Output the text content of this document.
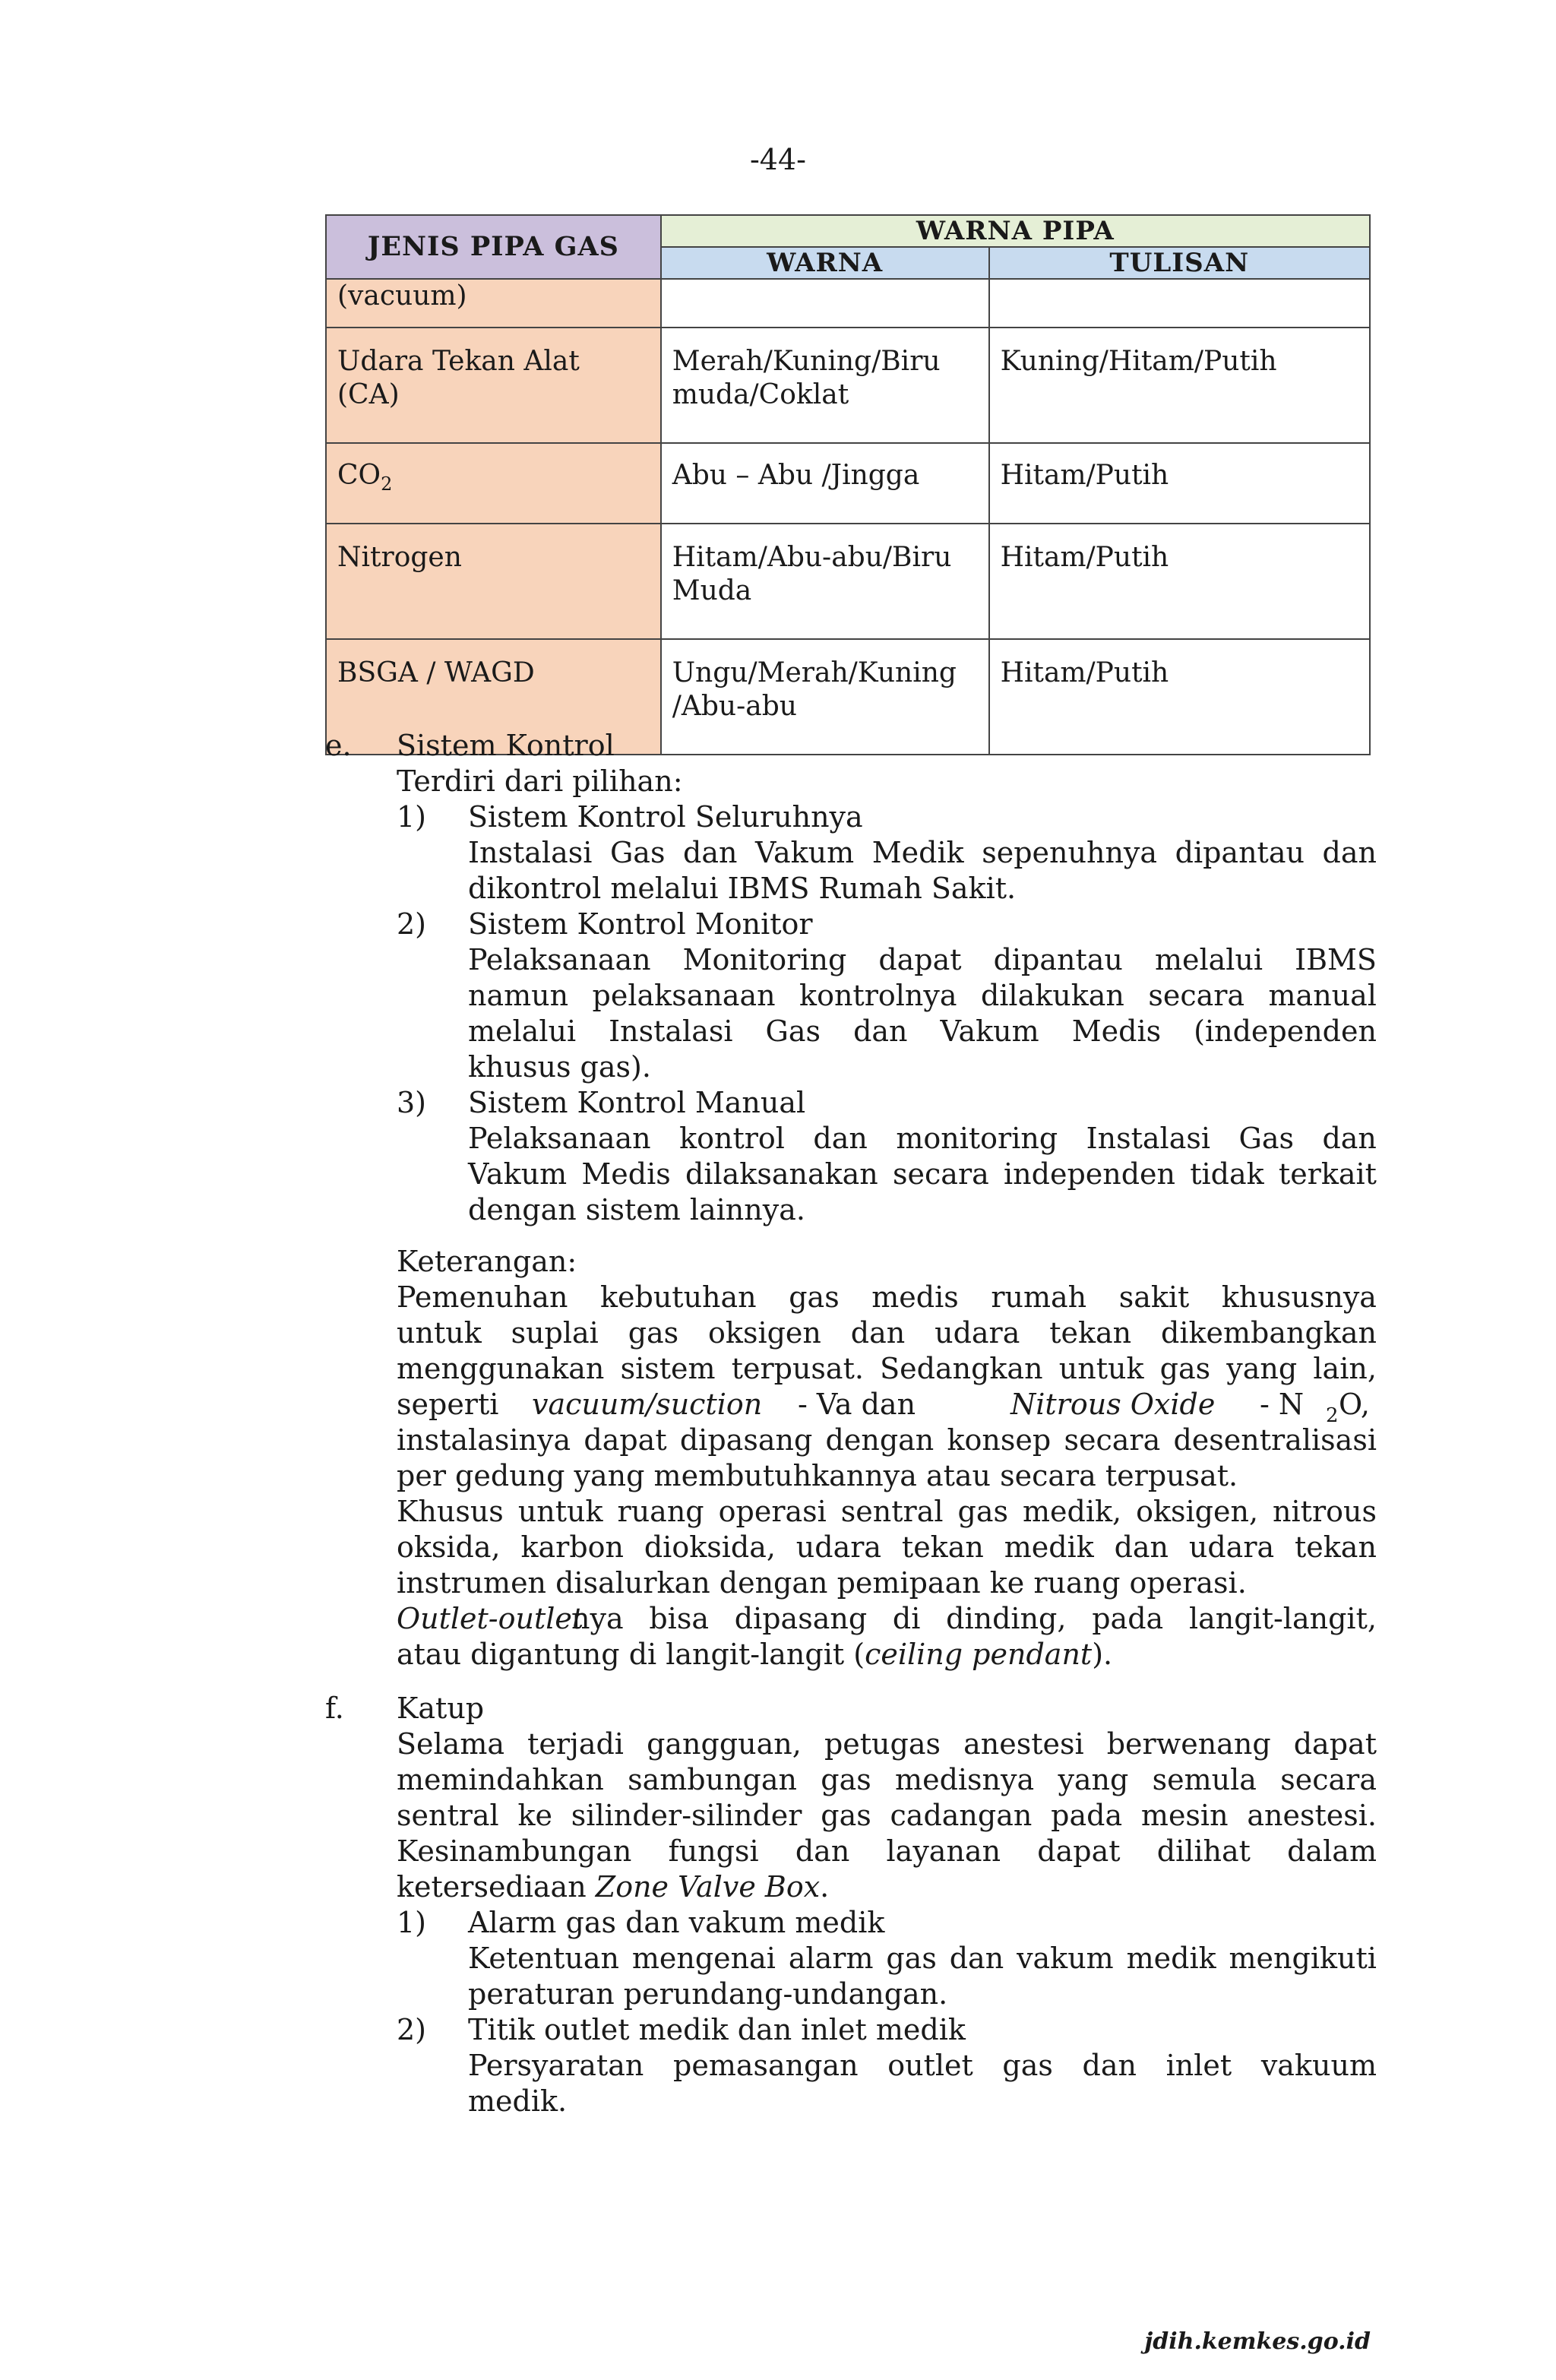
-44-
JENIS PIPA GAS	WARNA PIPA	
	WARNA	TULISAN
(vacuum)		
Udara Tekan Alat (CA)	Merah/Kuning/Biru muda/Coklat	Kuning/Hitam/Putih
$CO_2$	Abu – Abu /Jingga	Hitam/Putih
Nitrogen	Hitam/Abu-abu/Biru Muda	Hitam/Putih
BSGA / WAGD	Ungu/Merah/Kuning /Abu-abu	Hitam/Putih
e. Sistem Kontrol
Terdiri dari pilihan:
1) Sistem Kontrol Seluruhnya
Instalasi Gas dan Vakum Medik sepenuhnya dipantau dan
dikontrol melalui IBMS Rumah Sakit.
2) Sistem Kontrol Monitor
Pelaksanaan Monitoring dapat dipantau melalui IBMS
namun pelaksanaan kontrolnya dilakukan secara manual
melalui Instalasi Gas dan Vakum Medis (independen
khusus gas).
3) Sistem Kontrol Manual
Pelaksanaan kontrol dan monitoring Instalasi Gas dan
Vakum Medis dilaksanakan secara independen tidak terkait
dengan sistem lainnya.
Keterangan:
Pemenuhan kebutuhan gas medis rumah sakit khususnya
untuk suplai gas oksigen dan udara tekan dikembangkan
menggunakan sistem terpusat. Sedangkan untuk gas yang lain,
seperti vacuum/suction - Va dan	Nitrous Oxide - N 2 O,
instalasinya dapat dipasang dengan konsep secara desentralisasi
per gedung yang membutuhkannya atau secara terpusat.
Khusus untuk ruang operasi sentral gas medik, oksigen, nitrous
oksida, karbon dioksida, udara tekan medik dan udara tekan
instrumen disalurkan dengan pemipaan ke ruang operasi.
Outlet-outlet
nya bisa dipasang di dinding, pada langit-langit,
atau digantung di langit-langit (ceiling pendant).
f. Katup
Selama terjadi gangguan, petugas anestesi berwenang dapat
memindahkan sambungan gas medisnya yang semula secara
sentral ke silinder-silinder gas cadangan pada mesin anestesi.
Kesinambungan fungsi dan layanan dapat dilihat dalam
ketersediaan Zone Valve Box.
1) Alarm gas dan vakum medik
Ketentuan mengenai alarm gas dan vakum medik mengikuti
peraturan perundang-undangan.
2) Titik outlet medik dan inlet medik
Persyaratan pemasangan outlet gas dan inlet vakuum
medik.
jdih.kemkes.go.id
